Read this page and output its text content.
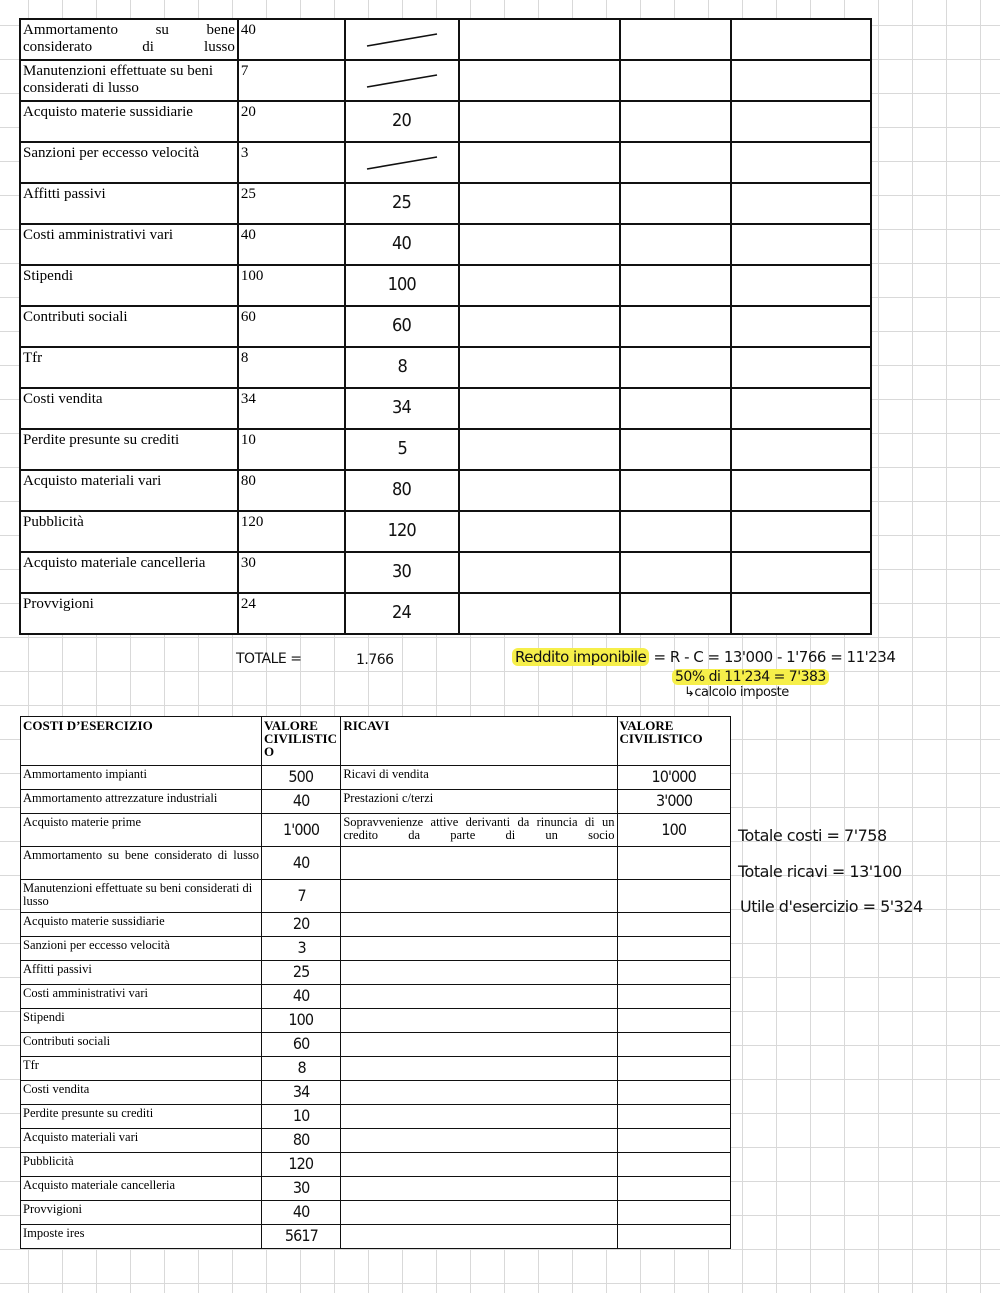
Ammortamento su bene considerato di lusso	40	

Manutenzioni effettuate su beni considerati di lusso	7	

Acquisto materie sussidiarie	20	20			
Sanzioni per eccesso velocità	3	

Affitti passivi	25	25			
Costi amministrativi vari	40	40			
Stipendi	100	100			
Contributi sociali	60	60			
Tfr	8	8			
Costi vendita	34	34			
Perdite presunte su crediti	10	5			
Acquisto materiali vari	80	80			
Pubblicità	120	120			
Acquisto materiale cancelleria	30	30			
Provvigioni	24	24			
TOTALE =	1.766	Reddito imponibile = R - C = 13'000 - 1'766 = 11'234
50% di 11'234 = 7'383
↳calcolo imposte
Totale costi = 7'758
Totale ricavi = 13'100
Utile d'esercizio = 5'324
COSTI D’ESERCIZIO	VALORE CIVILISTIC O	RICAVI	VALORE CIVILISTICO
Ammortamento impianti	500	Ricavi di vendita	10'000
Ammortamento attrezzature industriali	40	Prestazioni c/terzi	3'000
Acquisto materie prime	1'000	Sopravvenienze attive derivanti da rinuncia di un credito da parte di un socio	100
Ammortamento su bene considerato di lusso	40		
Manutenzioni effettuate su beni considerati di lusso	7		
Acquisto materie sussidiarie	20		
Sanzioni per eccesso velocità	3		
Affitti passivi	25		
Costi amministrativi vari	40		
Stipendi	100		
Contributi sociali	60		
Tfr	8		
Costi vendita	34		
Perdite presunte su crediti	10		
Acquisto materiali vari	80		
Pubblicità	120		
Acquisto materiale cancelleria	30		
Provvigioni	40		
Imposte ires	5617		
